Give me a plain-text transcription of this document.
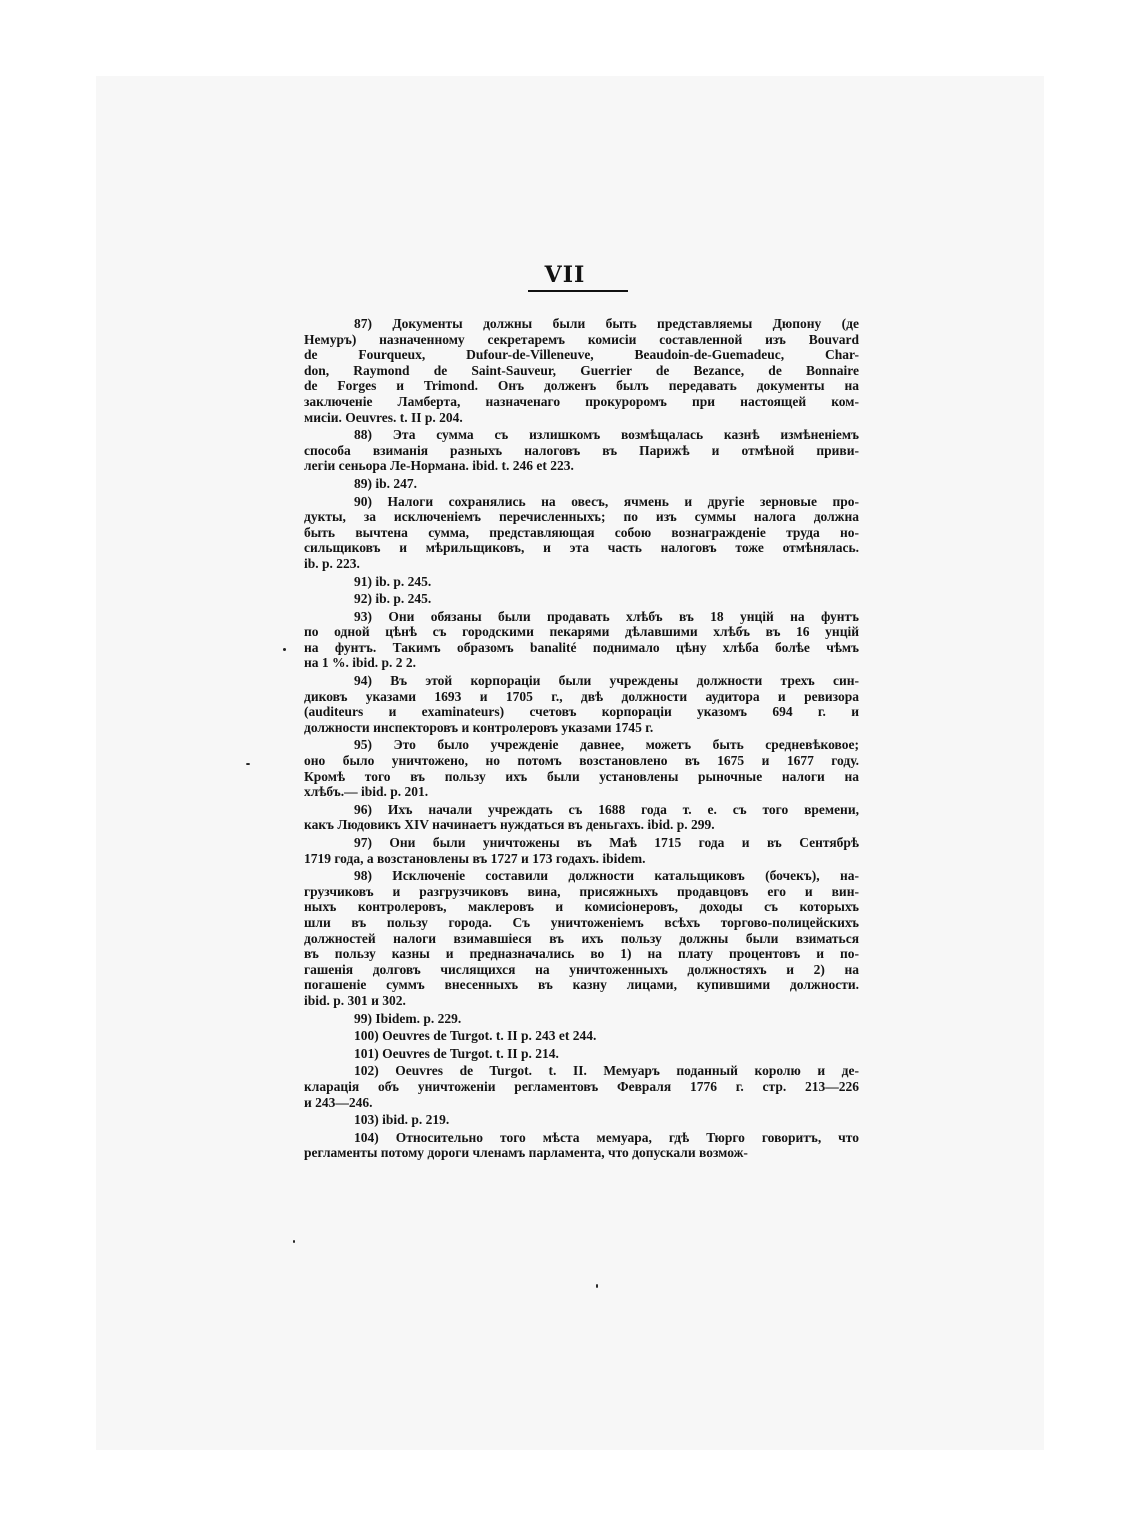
VII
87) Документы должны были быть представляемы Дюпону (де
Немуръ) назначенному секретаремъ комисіи составленной изъ Bouvard
de Fourqueux, Dufour-de-Villeneuve, Beaudoin-de-Guemadeuc, Char-
don, Raymond de Saint-Sauveur, Guerrier de Bezance, de Bonnaire
de Forges и Trimond. Онъ долженъ былъ передавать документы на
заключеніе Ламберта, назначенаго прокуроромъ при настоящей ком-
мисіи. Oeuvres. t. II p. 204.
88) Эта сумма съ излишкомъ возмѣщалась казнѣ измѣненіемъ
способа взиманія разныхъ налоговъ въ Парижѣ и отмѣной приви-
легіи сеньора Ле-Нормана. ibid. t. 246 et 223.
89) ib. 247.
90) Налоги сохранялись на овесъ, ячмень и другіе зерновые про-
дукты, за исключеніемъ перечисленныхъ; по изъ суммы налога должна
быть вычтена сумма, представляющая собою вознагражденіе труда но-
сильщиковъ и мѣрильщиковъ, и эта часть налоговъ тоже отмѣнялась.
ib. p. 223.
91) ib. p. 245.
92) ib. p. 245.
93) Они обязаны были продавать хлѣбъ въ 18 унцій на фунтъ
по одной цѣнѣ съ городскими пекарями дѣлавшими хлѣбъ въ 16 унцій
на фунтъ. Такимъ образомъ banalité поднимало цѣну хлѣба болѣе чѣмъ
на 1 %. ibid. p. 2 2.
94) Въ этой корпораціи были учреждены должности трехъ син-
диковъ указами 1693 и 1705 г., двѣ должности аудитора и ревизора
(auditeurs и examinateurs) счетовъ корпораціи указомъ 694 г. и
должности инспекторовъ и контролеровъ указами 1745 г.
95) Это было учрежденіе давнее, можетъ быть средневѣковое;
оно было уничтожено, но потомъ возстановлено въ 1675 и 1677 году.
Кромѣ того въ пользу ихъ были установлены рыночные налоги на
хлѣбъ.— ibid. p. 201.
96) Ихъ начали учреждать съ 1688 года т. е. съ того времени,
какъ Людовикъ XIV начинаетъ нуждаться въ деньгахъ. ibid. p. 299.
97) Они были уничтожены въ Маѣ 1715 года и въ Сентябрѣ
1719 года, а возстановлены въ 1727 и 173 годахъ. ibidem.
98) Исключеніе составили должности катальщиковъ (бочекъ), на-
грузчиковъ и разгрузчиковъ вина, присяжныхъ продавцовъ его и вин-
ныхъ контролеровъ, маклеровъ и комисіонеровъ, доходы съ которыхъ
шли въ пользу города. Съ уничтоженіемъ всѣхъ торгово-полицейскихъ
должностей налоги взимавшіеся въ ихъ пользу должны были взиматься
въ пользу казны и предназначались во 1) на плату процентовъ и по-
гашенія долговъ числящихся на уничтоженныхъ должностяхъ и 2) на
погашеніе суммъ внесенныхъ въ казну лицами, купившими должности.
ibid. p. 301 и 302.
99) Ibidem. p. 229.
100) Oeuvres de Turgot. t. II p. 243 et 244.
101) Oeuvres de Turgot. t. II p. 214.
102) Oeuvres de Turgot. t. II. Мемуаръ поданный королю и де-
кларація объ уничтоженіи регламентовъ Февраля 1776 г. стр. 213—226
и 243—246.
103) ibid. p. 219.
104) Относительно того мѣста мемуара, гдѣ Тюрго говоритъ, что
регламенты потому дороги членамъ парламента, что допускали возмож-
